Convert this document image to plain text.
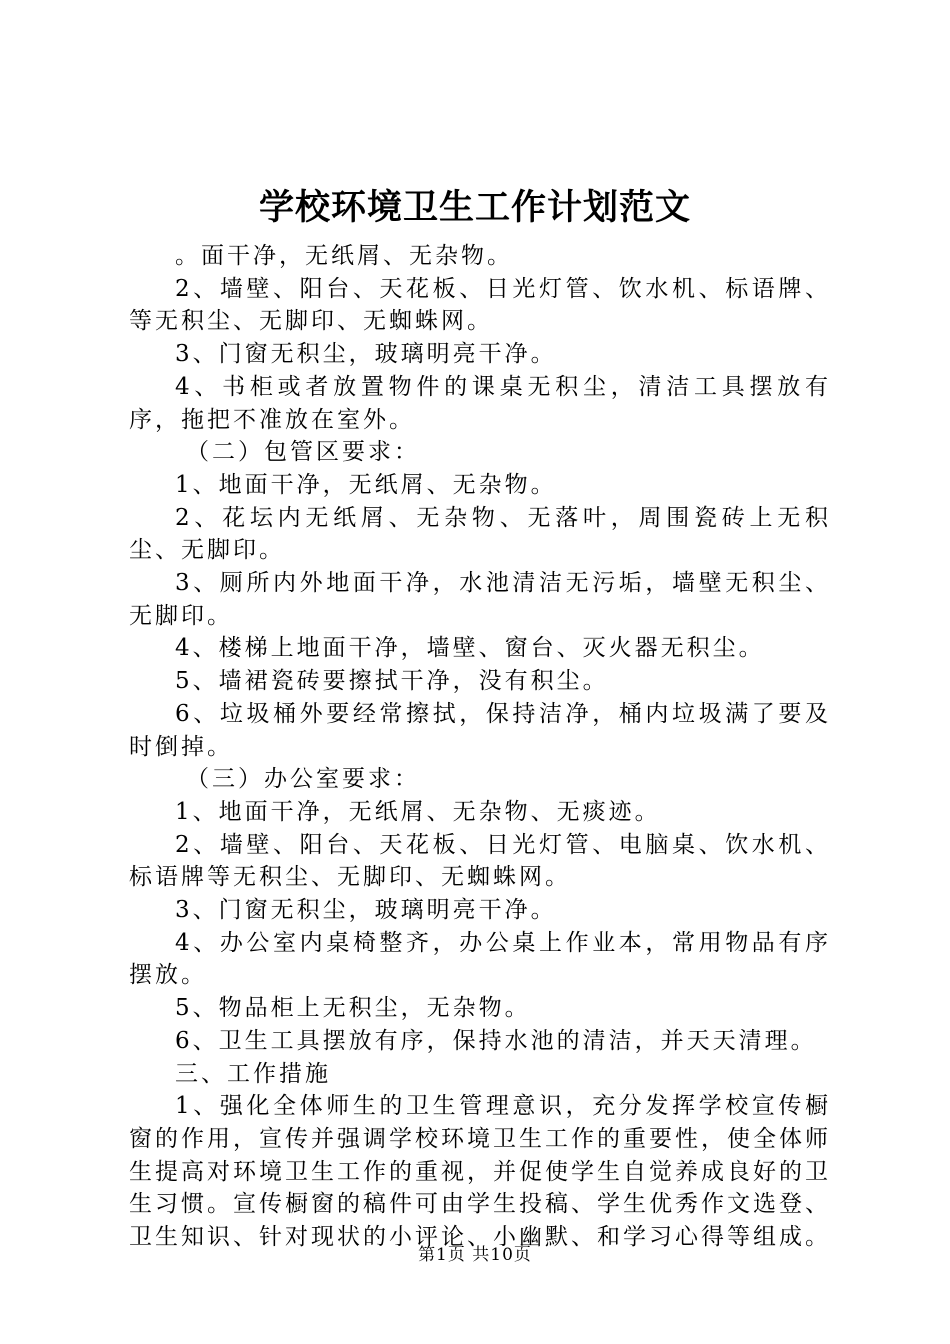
学校环境卫生工作计划范文

。面干净，无纸屑、无杂物。

2、墙壁、阳台、天花板、日光灯管、饮水机、标语牌、等无积尘、无脚印、无蜘蛛网。

3、门窗无积尘，玻璃明亮干净。

4、书柜或者放置物件的课桌无积尘，清洁工具摆放有序，拖把不准放在室外。

（二）包管区要求：

1、地面干净，无纸屑、无杂物。

2、花坛内无纸屑、无杂物、无落叶，周围瓷砖上无积尘、无脚印。

3、厕所内外地面干净，水池清洁无污垢，墙壁无积尘、无脚印。

4、楼梯上地面干净，墙壁、窗台、灭火器无积尘。

5、墙裙瓷砖要擦拭干净，没有积尘。

6、垃圾桶外要经常擦拭，保持洁净，桶内垃圾满了要及时倒掉。

（三）办公室要求：

1、地面干净，无纸屑、无杂物、无痰迹。

2、墙壁、阳台、天花板、日光灯管、电脑桌、饮水机、标语牌等无积尘、无脚印、无蜘蛛网。

3、门窗无积尘，玻璃明亮干净。

4、办公室内桌椅整齐，办公桌上作业本，常用物品有序摆放。

5、物品柜上无积尘，无杂物。

6、卫生工具摆放有序，保持水池的清洁，并天天清理。

三、工作措施

1、强化全体师生的卫生管理意识，充分发挥学校宣传橱窗的作用，宣传并强调学校环境卫生工作的重要性，使全体师生提高对环境卫生工作的重视，并促使学生自觉养成良好的卫生习惯。宣传橱窗的稿件可由学生投稿、学生优秀作文选登、卫生知识、针对现状的小评论、小幽默、和学习心得等组成。

第1页 共10页
